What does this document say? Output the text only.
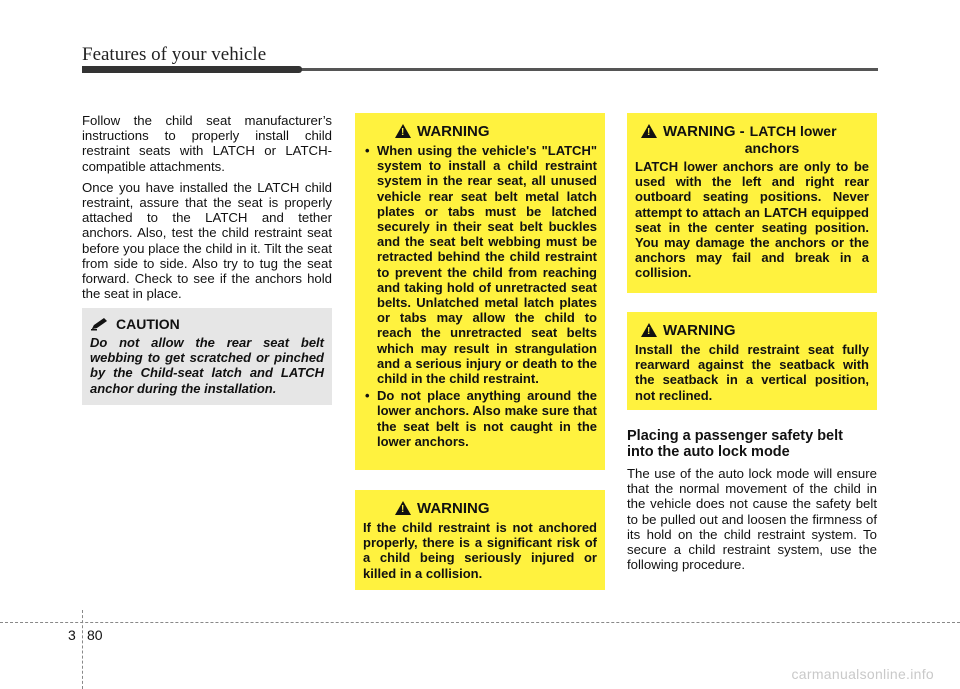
Features of your vehicle

Follow the child seat manufacturer’s instructions to properly install child restraint seats with LATCH or LATCH-compatible attachments.

Once you have installed the LATCH child restraint, assure that the seat is properly attached to the LATCH and tether anchors. Also, test the child restraint seat before you place the child in it. Tilt the seat from side to side. Also try to tug the seat forward. Check to see if the anchors hold the seat in place.

CAUTION

Do not allow the rear seat belt webbing to get scratched or pinched by the Child-seat latch and LATCH anchor during the installation.

!
WARNING
• When using the vehicle's "LATCH" system to install a child restraint system in the rear seat, all unused vehicle rear seat belt metal latch plates or tabs must be latched securely in their seat belt buckles and the seat belt webbing must be retracted behind the child restraint to prevent the child from reaching and taking hold of unretracted seat belts. Unlatched metal latch plates or tabs may allow the child to reach the unretracted seat belts which may result in strangulation and a serious injury or death to the child in the child restraint.
• Do not place anything around the lower anchors. Also make sure that the seat belt is not caught in the lower anchors.
!
WARNING

If the child restraint is not anchored properly, there is a significant risk of a child being seriously injured or killed in a collision.

!
WARNING - LATCH lower
anchors

LATCH lower anchors are only to be used with the left and right rear outboard seating positions. Never attempt to attach an LATCH equipped seat in the center seating position. You may damage the anchors or the anchors may fail and break in a collision.

!
WARNING

Install the child restraint seat fully rearward against the seatback with the seatback in a vertical position, not reclined.

Placing a passenger safety belt
into the auto lock mode

The use of the auto lock mode will ensure that the normal movement of the child in the vehicle does not cause the safety belt to be pulled out and loosen the firmness of its hold on the child restraint system. To secure a child restraint system, use the following procedure.

3 80
carmanualsonline.info
